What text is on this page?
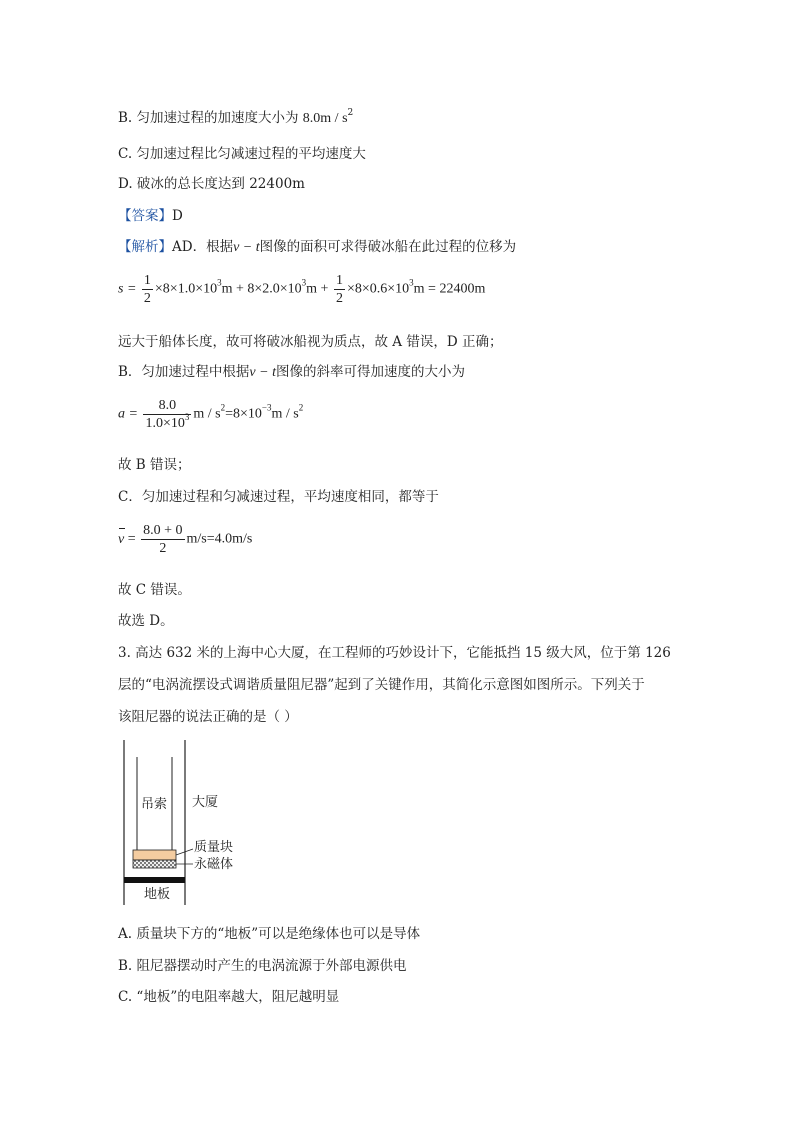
B. 匀加速过程的加速度大小为 $8.0m / s^2$
C. 匀加速过程比匀减速过程的平均速度大
D. 破冰的总长度达到 22400m
【答案】D
【解析】AD．根据v − t图像的面积可求得破冰船在此过程的位移为
$s = \frac{1}{2} \times 8\times 1.0\times 10^3m + 8\times 2.0\times 10^3m + \frac{1}{2} \times 8\times 0.6\times 10^3m = 22400m$
远大于船体长度，故可将破冰船视为质点，故 A 错误，D 正确；
B．匀加速过程中根据v − t图像的斜率可得加速度的大小为
$a = \frac{8.0}{1.0\times 10^3}$ $m / s^2=8\times 10^{-3}m / s^2$
故 B 错误；
C．匀加速过程和匀减速过程，平均速度相同，都等于
$v = \frac{8.0 + 0}{2} m/s=4.0m/s$
故 C 错误。
故选 D。
3. 高达 632 米的上海中心大厦，在工程师的巧妙设计下，它能抵挡 15 级大风，位于第 126
层的“电涡流摆设式调谐质量阻尼器”起到了关键作用，其简化示意图如图所示。下列关于
该阻尼器的说法正确的是（ ）
吊索
地板
大厦
质量块
永磁体
A. 质量块下方的“地板”可以是绝缘体也可以是导体
B. 阻尼器摆动时产生的电涡流源于外部电源供电
C. “地板”的电阻率越大，阻尼越明显
